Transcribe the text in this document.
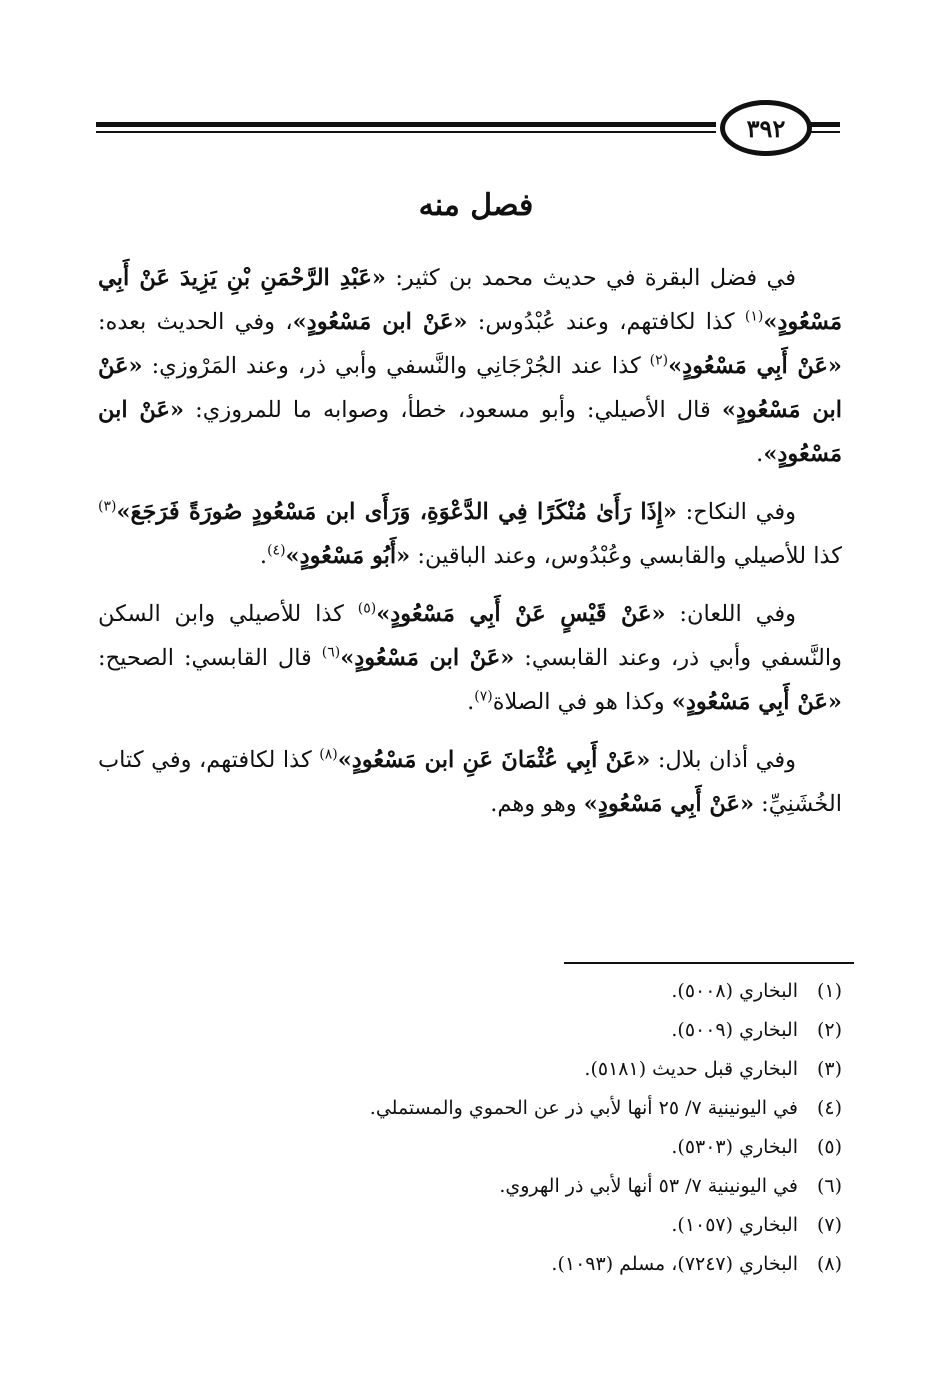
٣٩٢
فصل منه

في فضل البقرة في حديث محمد بن كثير: «عَبْدِ الرَّحْمَنِ بْنِ يَزِيدَ عَنْ أَبِي مَسْعُودٍ»$^{(١)}$ كذا لكافتهم، وعند عُبْدُوس: «عَنْ ابن مَسْعُودٍ»، وفي الحديث بعده: «عَنْ أَبِي مَسْعُودٍ»$^{(٢)}$ كذا عند الجُرْجَانِي والنَّسفي وأبي ذر، وعند المَرْوزي: «عَنْ ابن مَسْعُودٍ» قال الأصيلي: وأبو مسعود، خطأ، وصوابه ما للمروزي: «عَنْ ابن مَسْعُودٍ».

وفي النكاح: «إِذَا رَأَىٰ مُنْكَرًا فِي الدَّعْوَةِ، وَرَأَى ابن مَسْعُودٍ صُورَةً فَرَجَعَ»$^{(٣)}$ كذا للأصيلي والقابسي وعُبْدُوس، وعند الباقين: «أَبُو مَسْعُودٍ»$^{(٤)}$.

وفي اللعان: «عَنْ قَيْسٍ عَنْ أَبِي مَسْعُودٍ»$^{(٥)}$ كذا للأصيلي وابن السكن والنَّسفي وأبي ذر، وعند القابسي: «عَنْ ابن مَسْعُودٍ»$^{(٦)}$ قال القابسي: الصحيح: «عَنْ أَبِي مَسْعُودٍ» وكذا هو في الصلاة$^{(٧)}$.

وفي أذان بلال: «عَنْ أَبِي عُثْمَانَ عَنِ ابن مَسْعُودٍ»$^{(٨)}$ كذا لكافتهم، وفي كتاب الخُشَنِيِّ: «عَنْ أَبِي مَسْعُودٍ» وهو وهم.

(١)البخاري (٥٠٠٨).
(٢)البخاري (٥٠٠٩).
(٣)البخاري قبل حديث (٥١٨١).
(٤)في اليونينية ٧/ ٢٥ أنها لأبي ذر عن الحموي والمستملي.
(٥)البخاري (٥٣٠٣).
(٦)في اليونينية ٧/ ٥٣ أنها لأبي ذر الهروي.
(٧)البخاري (١٠٥٧).
(٨)البخاري (٧٢٤٧)، مسلم (١٠٩٣).
